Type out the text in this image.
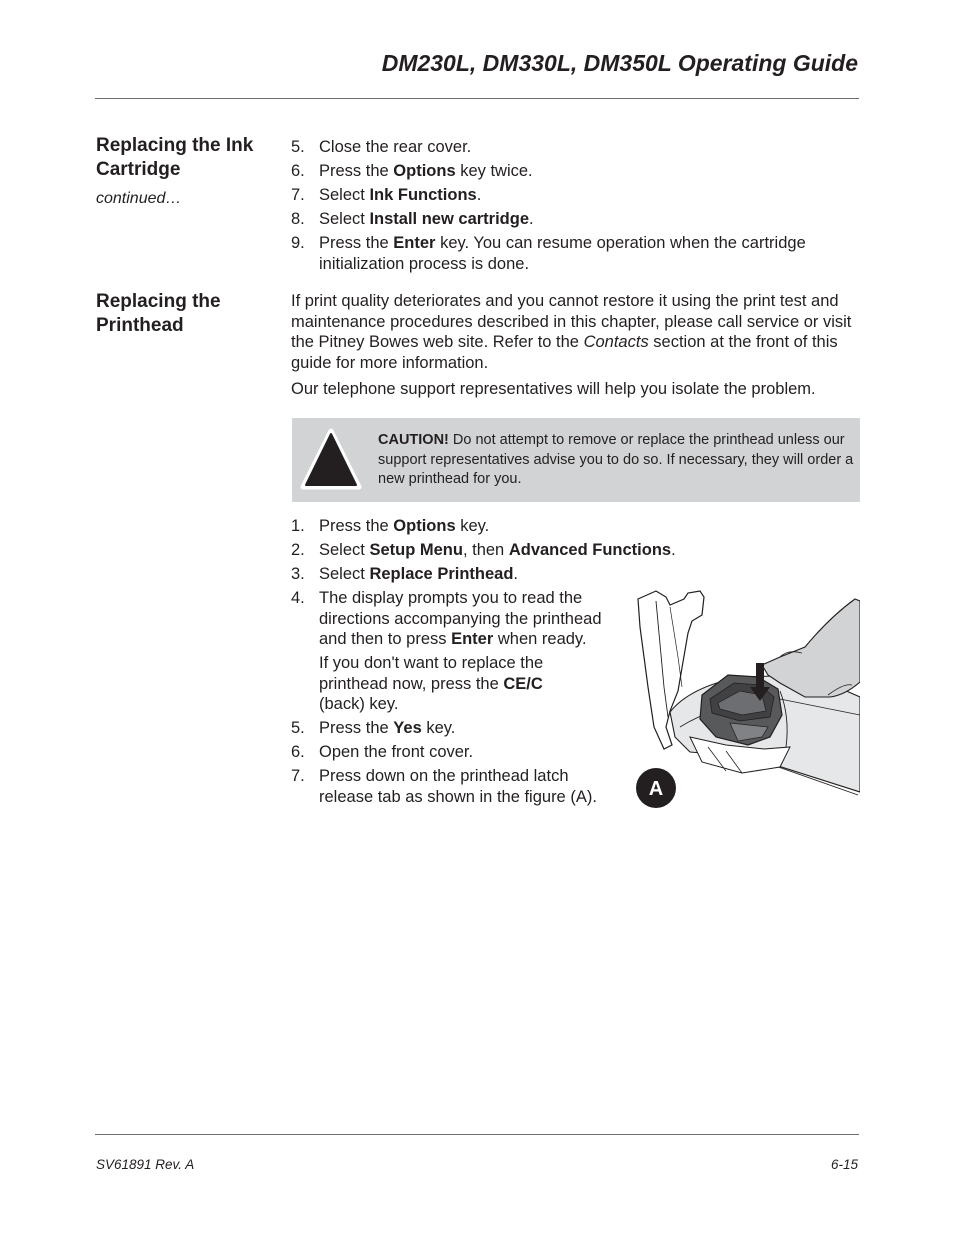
DM230L, DM330L, DM350L Operating Guide
Replacing the Ink Cartridge
continued…
5. Close the rear cover.
6. Press the Options key twice.
7. Select Ink Functions.
8. Select Install new cartridge.
9. Press the Enter key. You can resume operation when the cartridge initialization process is done.
Replacing the Printhead

If print quality deteriorates and you cannot restore it using the print test and maintenance procedures described in this chapter, please call service or visit the Pitney Bowes web site. Refer to the Contacts section at the front of this guide for more information.

Our telephone support representatives will help you isolate the problem.

CAUTION! Do not attempt to remove or replace the printhead unless our support representatives advise you to do so. If necessary, they will order a new printhead for you.
1. Press the Options key.
2. Select Setup Menu, then Advanced Functions.
3. Select Replace Printhead.
4. The display prompts you to read the directions accompanying the printhead and then to press Enter when ready.
If you don't want to replace the printhead now, press the CE/C (back) key.
5. Press the Yes key.
6. Open the front cover.
7. Press down on the printhead latch release tab as shown in the figure (A).	A
SV61891 Rev. A	6-15
